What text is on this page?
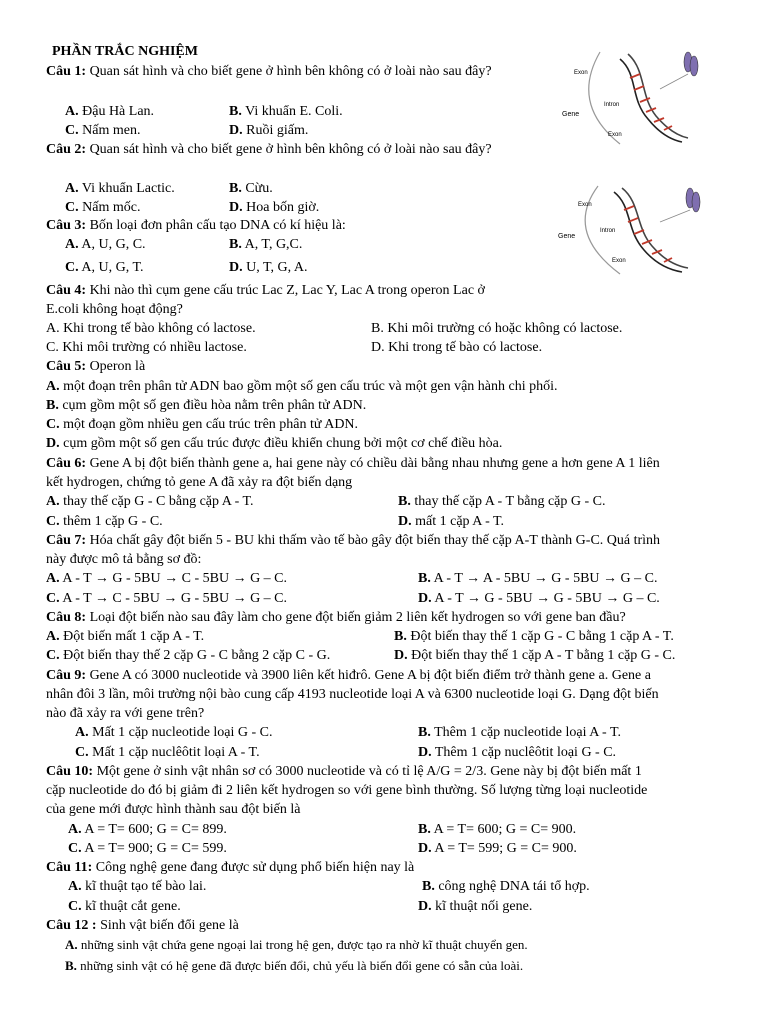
PHẦN TRẮC NGHIỆM
Gene
Exon
Intron
Exon
Câu 1: Quan sát hình và cho biết gene ở hình bên không có ở loài nào sau đây?
A. Đậu Hà Lan.	B. Vi khuẩn E. Coli.
C. Nấm men.	D. Ruồi giấm.
Gene
Exon
Intron
Exon
Câu 2: Quan sát hình và cho biết gene ở hình bên không có ở loài nào sau đây?
A. Vi khuẩn Lactic.	B. Cừu.
C. Nấm mốc.	D. Hoa bốn giờ.
Câu 3: Bốn loại đơn phân cấu tạo DNA có kí hiệu là:
A. A, U, G, C.	B. A, T, G,C.
C. A, U, G, T.	D. U, T, G, A.
Câu 4: Khi nào thì cụm gene cấu trúc Lac Z, Lac Y, Lac A trong operon Lac ở
E.coli không hoạt động?
A. Khi trong tế bào không có lactose.	B. Khi môi trường có hoặc không có lactose.
C. Khi môi trường có nhiều lactose.	D. Khi trong tế bào có lactose.
Câu 5: Operon là
A. một đoạn trên phân tử ADN bao gồm một số gen cấu trúc và một gen vận hành chi phối.
B. cụm gồm một số gen điều hòa nằm trên phân tử ADN.
C. một đoạn gồm nhiều gen cấu trúc trên phân tử ADN.
D. cụm gồm một số gen cấu trúc được điều khiển chung bởi một cơ chế điều hòa.
Câu 6: Gene A bị đột biến thành gene a, hai gene này có chiều dài bằng nhau nhưng gene a hơn gene A 1 liên
kết hydrogen, chứng tỏ gene A đã xảy ra đột biến dạng
A. thay thế cặp G - C bằng cặp A - T.	B. thay thế cặp A - T bằng cặp G - C.
C. thêm 1 cặp G - C.	D. mất 1 cặp A - T.
Câu 7: Hóa chất gây đột biến 5 - BU khi thấm vào tế bào gây đột biến thay thế cặp A-T thành G-C. Quá trình
này được mô tả bằng sơ đồ:
A. A - T → G - 5BU → C - 5BU → G – C.	B. A - T → A - 5BU → G - 5BU → G – C.
C. A - T → C - 5BU → G - 5BU → G – C.	D. A - T → G - 5BU → G - 5BU → G – C.
Câu 8: Loại đột biến nào sau đây làm cho gene đột biến giảm 2 liên kết hydrogen so với gene ban đầu?
A. Đột biến mất 1 cặp A - T.	B. Đột biến thay thế 1 cặp G - C bằng 1 cặp A - T.
C. Đột biến thay thế 2 cặp G - C bằng 2 cặp C - G.	D. Đột biến thay thế 1 cặp A - T bằng 1 cặp G - C.
Câu 9: Gene A có 3000 nucleotide và 3900 liên kết hiđrô. Gene A bị đột biến điểm trở thành gene a. Gene a
nhân đôi 3 lần, môi trường nội bào cung cấp 4193 nucleotide loại A và 6300 nucleotide loại G. Dạng đột biến
nào đã xảy ra với gene trên?
A. Mất 1 cặp nucleotide loại G - C.	B. Thêm 1 cặp nucleotide loại A - T.
C. Mất 1 cặp nuclêôtit loại A - T.	D. Thêm 1 cặp nuclêôtit loại G - C.
Câu 10: Một gene ở sinh vật nhân sơ có 3000 nucleotide và có tỉ lệ A/G = 2/3. Gene này bị đột biến mất 1
cặp nucleotide do đó bị giảm đi 2 liên kết hydrogen so với gene bình thường. Số lượng từng loại nucleotide
của gene mới được hình thành sau đột biến là
A. A = T= 600; G = C= 899.	B. A = T= 600; G = C= 900.
C. A = T= 900; G = C= 599.	D. A = T= 599; G = C= 900.
Câu 11: Công nghệ gene đang được sử dụng phổ biến hiện nay là
A. kĩ thuật tạo tế bào lai.	B. công nghệ DNA tái tổ hợp.
C. kĩ thuật cắt gene.	D. kĩ thuật nối gene.
Câu 12 : Sinh vật biến đổi gene là
A. những sinh vật chứa gene ngoại lai trong hệ gen, được tạo ra nhờ kĩ thuật chuyển gen.
B. những sinh vật có hệ gene đã được biến đổi, chủ yếu là biến đổi gene có sẵn của loài.
